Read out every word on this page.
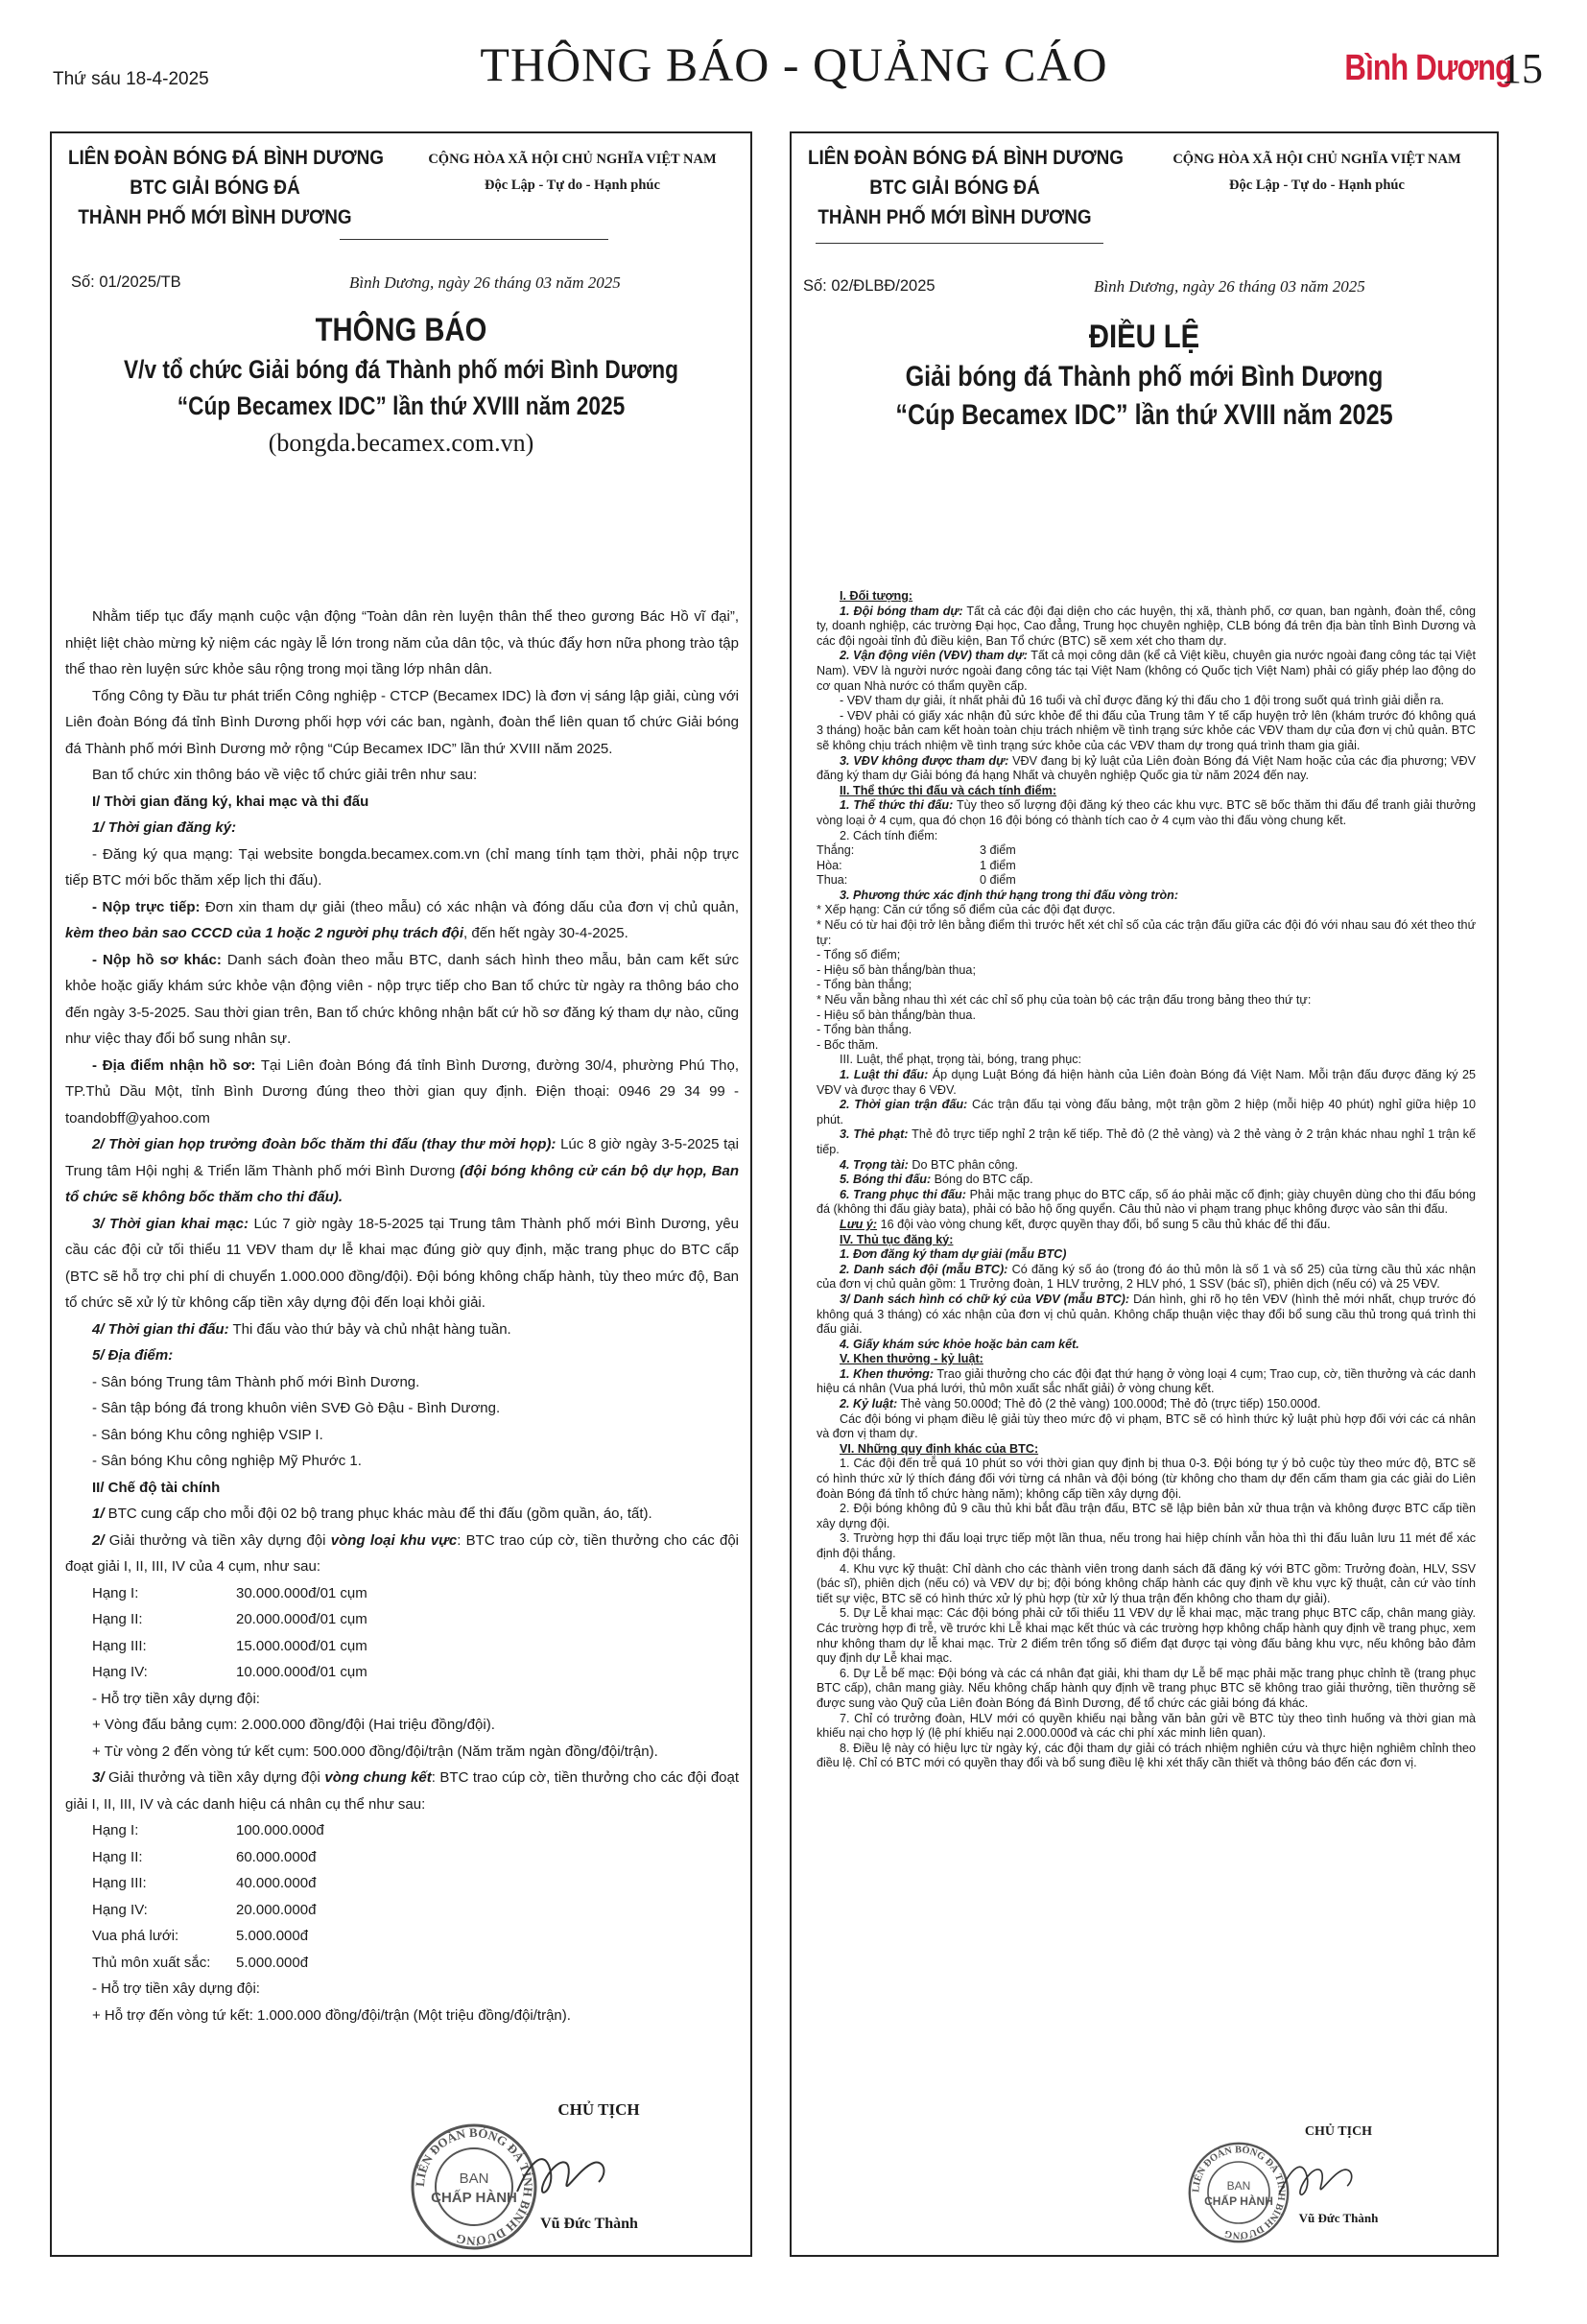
Thứ sáu 18-4-2025	THÔNG BÁO - QUẢNG CÁO	Bình Dương
15
LIÊN ĐOÀN BÓNG ĐÁ BÌNH DƯƠNG
BTC GIẢI BÓNG ĐÁ
THÀNH PHỐ MỚI BÌNH DƯƠNG
CỘNG HÒA XÃ HỘI CHỦ NGHĨA VIỆT NAM
Độc Lập - Tự do - Hạnh phúc
Số: 01/2025/TB	Bình Dương, ngày 26 tháng 03 năm 2025
THÔNG BÁO
V/v tổ chức Giải bóng đá Thành phố mới Bình Dương
“Cúp Becamex IDC” lần thứ XVIII năm 2025
(bongda.becamex.com.vn)

Nhằm tiếp tục đẩy mạnh cuộc vận động “Toàn dân rèn luyện thân thể theo gương Bác Hồ vĩ đại”, nhiệt liệt chào mừng kỷ niệm các ngày lễ lớn trong năm của dân tộc, và thúc đẩy hơn nữa phong trào tập thể thao rèn luyện sức khỏe sâu rộng trong mọi tầng lớp nhân dân.

Tổng Công ty Đầu tư phát triển Công nghiệp - CTCP (Becamex IDC) là đơn vị sáng lập giải, cùng với Liên đoàn Bóng đá tỉnh Bình Dương phối hợp với các ban, ngành, đoàn thể liên quan tổ chức Giải bóng đá Thành phố mới Bình Dương mở rộng “Cúp Becamex IDC” lần thứ XVIII năm 2025.

Ban tổ chức xin thông báo về việc tổ chức giải trên như sau:

I/ Thời gian đăng ký, khai mạc và thi đấu

1/ Thời gian đăng ký:

- Đăng ký qua mạng: Tại website bongda.becamex.com.vn (chỉ mang tính tạm thời, phải nộp trực tiếp BTC mới bốc thăm xếp lịch thi đấu).

- Nộp trực tiếp: Đơn xin tham dự giải (theo mẫu) có xác nhận và đóng dấu của đơn vị chủ quản, kèm theo bản sao CCCD của 1 hoặc 2 người phụ trách đội, đến hết ngày 30-4-2025.

- Nộp hồ sơ khác: Danh sách đoàn theo mẫu BTC, danh sách hình theo mẫu, bản cam kết sức khỏe hoặc giấy khám sức khỏe vận động viên - nộp trực tiếp cho Ban tổ chức từ ngày ra thông báo cho đến ngày 3-5-2025. Sau thời gian trên, Ban tổ chức không nhận bất cứ hồ sơ đăng ký tham dự nào, cũng như việc thay đổi bổ sung nhân sự.

- Địa điểm nhận hồ sơ: Tại Liên đoàn Bóng đá tỉnh Bình Dương, đường 30/4, phường Phú Thọ, TP.Thủ Dầu Một, tỉnh Bình Dương đúng theo thời gian quy định. Điện thoại: 0946 29 34 99 - toandobff@yahoo.com

2/ Thời gian họp trưởng đoàn bốc thăm thi đấu (thay thư mời họp): Lúc 8 giờ ngày 3-5-2025 tại Trung tâm Hội nghị & Triển lãm Thành phố mới Bình Dương (đội bóng không cử cán bộ dự họp, Ban tổ chức sẽ không bốc thăm cho thi đấu).

3/ Thời gian khai mạc: Lúc 7 giờ ngày 18-5-2025 tại Trung tâm Thành phố mới Bình Dương, yêu cầu các đội cử tối thiểu 11 VĐV tham dự lễ khai mạc đúng giờ quy định, mặc trang phục do BTC cấp (BTC sẽ hỗ trợ chi phí di chuyển 1.000.000 đồng/đội). Đội bóng không chấp hành, tùy theo mức độ, Ban tổ chức sẽ xử lý từ không cấp tiền xây dựng đội đến loại khỏi giải.

4/ Thời gian thi đấu: Thi đấu vào thứ bảy và chủ nhật hàng tuần.

5/ Địa điểm:

- Sân bóng Trung tâm Thành phố mới Bình Dương.

- Sân tập bóng đá trong khuôn viên SVĐ Gò Đậu - Bình Dương.

- Sân bóng Khu công nghiệp VSIP I.

- Sân bóng Khu công nghiệp Mỹ Phước 1.

II/ Chế độ tài chính

1/ BTC cung cấp cho mỗi đội 02 bộ trang phục khác màu để thi đấu (gồm quần, áo, tất).

2/ Giải thưởng và tiền xây dựng đội vòng loại khu vực: BTC trao cúp cờ, tiền thưởng cho các đội đoạt giải I, II, III, IV của 4 cụm, như sau:

Hạng I:	30.000.000đ/01 cụm
Hạng II:	20.000.000đ/01 cụm
Hạng III:	15.000.000đ/01 cụm
Hạng IV:	10.000.000đ/01 cụm

- Hỗ trợ tiền xây dựng đội:

+ Vòng đấu bảng cụm: 2.000.000 đồng/đội (Hai triệu đồng/đội).

+ Từ vòng 2 đến vòng tứ kết cụm: 500.000 đồng/đội/trận (Năm trăm ngàn đồng/đội/trận).

3/ Giải thưởng và tiền xây dựng đội vòng chung kết: BTC trao cúp cờ, tiền thưởng cho các đội đoạt giải I, II, III, IV và các danh hiệu cá nhân cụ thể như sau:

Hạng I:	100.000.000đ
Hạng II:	60.000.000đ
Hạng III:	40.000.000đ
Hạng IV:	20.000.000đ
Vua phá lưới:	5.000.000đ
Thủ môn xuất sắc:	5.000.000đ

- Hỗ trợ tiền xây dựng đội:

+ Hỗ trợ đến vòng tứ kết: 1.000.000 đồng/đội/trận (Một triệu đồng/đội/trận).

CHỦ TỊCH
LIÊN ĐOÀN BÓNG ĐÁ TỈNH BÌNH DƯƠNG
BAN
CHẤP HÀNH
Vũ Đức Thành
LIÊN ĐOÀN BÓNG ĐÁ BÌNH DƯƠNG
BTC GIẢI BÓNG ĐÁ
THÀNH PHỐ MỚI BÌNH DƯƠNG
CỘNG HÒA XÃ HỘI CHỦ NGHĨA VIỆT NAM
Độc Lập - Tự do - Hạnh phúc
Số: 02/ĐLBĐ/2025	Bình Dương, ngày 26 tháng 03 năm 2025
ĐIỀU LỆ
Giải bóng đá Thành phố mới Bình Dương
“Cúp Becamex IDC” lần thứ XVIII năm 2025

I. Đối tượng:

1. Đội bóng tham dự: Tất cả các đội đại diện cho các huyện, thị xã, thành phố, cơ quan, ban ngành, đoàn thể, công ty, doanh nghiệp, các trường Đại học, Cao đẳng, Trung học chuyên nghiệp, CLB bóng đá trên địa bàn tỉnh Bình Dương và các đội ngoài tỉnh đủ điều kiện, Ban Tổ chức (BTC) sẽ xem xét cho tham dự.

2. Vận động viên (VĐV) tham dự: Tất cả mọi công dân (kể cả Việt kiều, chuyên gia nước ngoài đang công tác tại Việt Nam). VĐV là người nước ngoài đang công tác tại Việt Nam (không có Quốc tịch Việt Nam) phải có giấy phép lao động do cơ quan Nhà nước có thẩm quyền cấp.

- VĐV tham dự giải, ít nhất phải đủ 16 tuổi và chỉ được đăng ký thi đấu cho 1 đội trong suốt quá trình giải diễn ra.

- VĐV phải có giấy xác nhận đủ sức khỏe để thi đấu của Trung tâm Y tế cấp huyện trở lên (khám trước đó không quá 3 tháng) hoặc bản cam kết hoàn toàn chịu trách nhiệm về tình trạng sức khỏe các VĐV tham dự của đơn vị chủ quản. BTC sẽ không chịu trách nhiệm về tình trạng sức khỏe của các VĐV tham dự trong quá trình tham gia giải.

3. VĐV không được tham dự: VĐV đang bị kỷ luật của Liên đoàn Bóng đá Việt Nam hoặc của các địa phương; VĐV đăng ký tham dự Giải bóng đá hạng Nhất và chuyên nghiệp Quốc gia từ năm 2024 đến nay.

II. Thể thức thi đấu và cách tính điểm:

1. Thể thức thi đấu: Tùy theo số lượng đội đăng ký theo các khu vực. BTC sẽ bốc thăm thi đấu để tranh giải thưởng vòng loại ở 4 cụm, qua đó chọn 16 đội bóng có thành tích cao ở 4 cụm vào thi đấu vòng chung kết.

2. Cách tính điểm:

Thắng:	3 điểm
Hòa:	1 điểm
Thua:	0 điểm

3. Phương thức xác định thứ hạng trong thi đấu vòng tròn:

* Xếp hạng: Căn cứ tổng số điểm của các đội đạt được.

* Nếu có từ hai đội trở lên bằng điểm thì trước hết xét chỉ số của các trận đấu giữa các đội đó với nhau sau đó xét theo thứ tự:

- Tổng số điểm;

- Hiệu số bàn thắng/bàn thua;

- Tổng bàn thắng;

* Nếu vẫn bằng nhau thì xét các chỉ số phụ của toàn bộ các trận đấu trong bảng theo thứ tự:

- Hiệu số bàn thắng/bàn thua.

- Tổng bàn thắng.

- Bốc thăm.

III. Luật, thể phạt, trọng tài, bóng, trang phục:

1. Luật thi đấu: Áp dụng Luật Bóng đá hiện hành của Liên đoàn Bóng đá Việt Nam. Mỗi trận đấu được đăng ký 25 VĐV và được thay 6 VĐV.

2. Thời gian trận đấu: Các trận đấu tại vòng đấu bảng, một trận gồm 2 hiệp (mỗi hiệp 40 phút) nghỉ giữa hiệp 10 phút.

3. Thẻ phạt: Thẻ đỏ trực tiếp nghỉ 2 trận kế tiếp. Thẻ đỏ (2 thẻ vàng) và 2 thẻ vàng ở 2 trận khác nhau nghỉ 1 trận kế tiếp.

4. Trọng tài: Do BTC phân công.

5. Bóng thi đấu: Bóng do BTC cấp.

6. Trang phục thi đấu: Phải mặc trang phục do BTC cấp, số áo phải mặc cố định; giày chuyên dùng cho thi đấu bóng đá (không thi đấu giày bata), phải có bảo hộ ống quyển. Câu thủ nào vi phạm trang phục không được vào sân thi đấu.

Lưu ý: 16 đội vào vòng chung kết, được quyền thay đổi, bổ sung 5 cầu thủ khác để thi đấu.

IV. Thủ tục đăng ký:

1. Đơn đăng ký tham dự giải (mẫu BTC)

2. Danh sách đội (mẫu BTC): Có đăng ký số áo (trong đó áo thủ môn là số 1 và số 25) của từng cầu thủ xác nhận của đơn vị chủ quản gồm: 1 Trưởng đoàn, 1 HLV trưởng, 2 HLV phó, 1 SSV (bác sĩ), phiên dịch (nếu có) và 25 VĐV.

3/ Danh sách hình có chữ ký của VĐV (mẫu BTC): Dán hình, ghi rõ họ tên VĐV (hình thẻ mới nhất, chụp trước đó không quá 3 tháng) có xác nhận của đơn vị chủ quản. Không chấp thuận việc thay đổi bổ sung cầu thủ trong quá trình thi đấu giải.

4. Giấy khám sức khỏe hoặc bản cam kết.

V. Khen thưởng - kỷ luật:

1. Khen thưởng: Trao giải thưởng cho các đội đạt thứ hạng ở vòng loại 4 cụm; Trao cup, cờ, tiền thưởng và các danh hiệu cá nhân (Vua phá lưới, thủ môn xuất sắc nhất giải) ở vòng chung kết.

2. Kỷ luật: Thẻ vàng 50.000đ; Thẻ đỏ (2 thẻ vàng) 100.000đ; Thẻ đỏ (trực tiếp) 150.000đ.

Các đội bóng vi phạm điều lệ giải tùy theo mức độ vi phạm, BTC sẽ có hình thức kỷ luật phù hợp đối với các cá nhân và đơn vị tham dự.

VI. Những quy định khác của BTC:

1. Các đội đến trễ quá 10 phút so với thời gian quy định bị thua 0-3. Đội bóng tự ý bỏ cuộc tùy theo mức độ, BTC sẽ có hình thức xử lý thích đáng đối với từng cá nhân và đội bóng (từ không cho tham dự đến cấm tham gia các giải do Liên đoàn Bóng đá tỉnh tổ chức hàng năm); không cấp tiền xây dựng đội.

2. Đội bóng không đủ 9 cầu thủ khi bắt đầu trận đấu, BTC sẽ lập biên bản xử thua trận và không được BTC cấp tiền xây dựng đội.

3. Trường hợp thi đấu loại trực tiếp một lần thua, nếu trong hai hiệp chính vẫn hòa thì thi đấu luân lưu 11 mét để xác định đội thắng.

4. Khu vực kỹ thuật: Chỉ dành cho các thành viên trong danh sách đã đăng ký với BTC gồm: Trưởng đoàn, HLV, SSV (bác sĩ), phiên dịch (nếu có) và VĐV dự bị; đội bóng không chấp hành các quy định về khu vực kỹ thuật, cản cứ vào tính tiết sự việc, BTC sẽ có hình thức xử lý phù hợp (từ xử lý thua trận đến không cho tham dự giải).

5. Dự Lễ khai mạc: Các đội bóng phải cử tối thiểu 11 VĐV dự lễ khai mạc, mặc trang phục BTC cấp, chân mang giày. Các trường hợp đi trễ, về trước khi Lễ khai mạc kết thúc và các trường hợp không chấp hành quy định về trang phục, xem như không tham dự lễ khai mạc. Trừ 2 điểm trên tổng số điểm đạt được tại vòng đấu bảng khu vực, nếu không bảo đảm quy định dự Lễ khai mạc.

6. Dự Lễ bế mạc: Đội bóng và các cá nhân đạt giải, khi tham dự Lễ bế mạc phải mặc trang phục chỉnh tề (trang phục BTC cấp), chân mang giày. Nếu không chấp hành quy định về trang phục BTC sẽ không trao giải thưởng, tiền thưởng sẽ được sung vào Quỹ của Liên đoàn Bóng đá Bình Dương, để tổ chức các giải bóng đá khác.

7. Chỉ có trưởng đoàn, HLV mới có quyền khiếu nại bằng văn bản gửi về BTC tùy theo tình huống và thời gian mà khiếu nại cho hợp lý (lệ phí khiếu nại 2.000.000đ và các chi phí xác minh liên quan).

8. Điều lệ này có hiệu lực từ ngày ký, các đội tham dự giải có trách nhiệm nghiên cứu và thực hiện nghiêm chỉnh theo điều lệ. Chỉ có BTC mới có quyền thay đổi và bổ sung điều lệ khi xét thấy cần thiết và thông báo đến các đơn vị.

CHỦ TỊCH
LIÊN ĐOÀN BÓNG ĐÁ TỈNH BÌNH DƯƠNG
BAN
CHẤP HÀNH
Vũ Đức Thành
